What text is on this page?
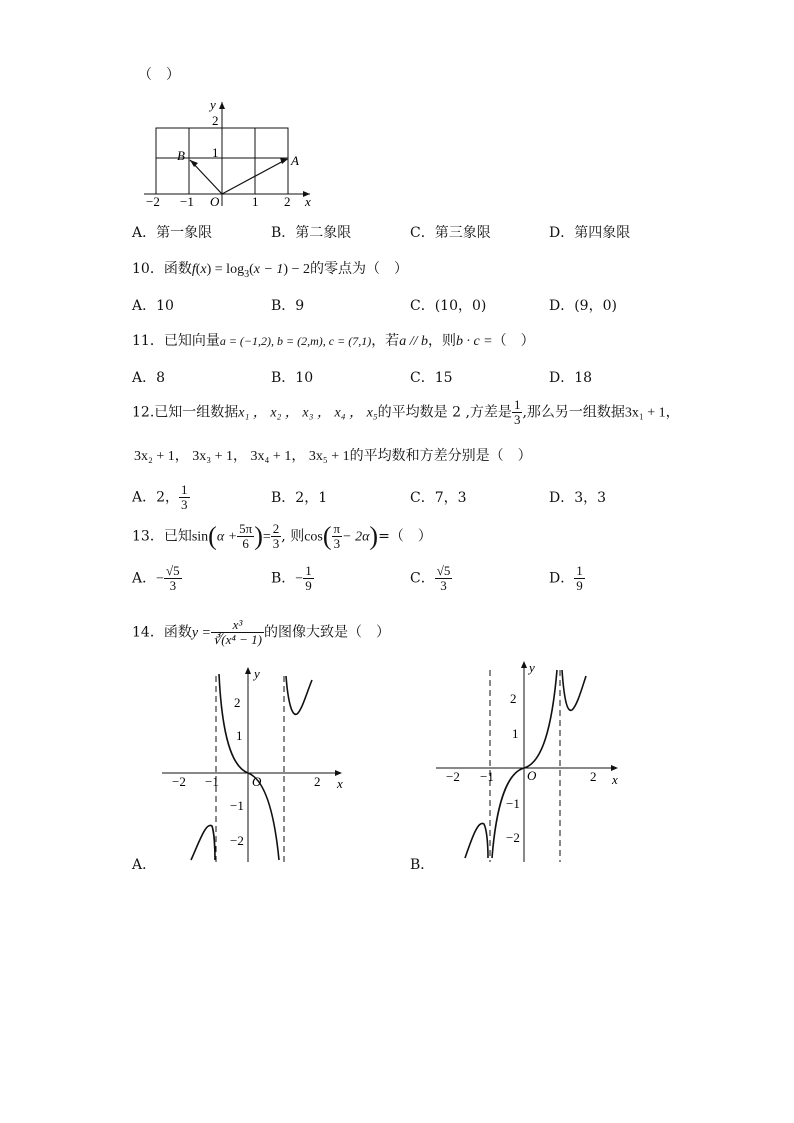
（　）
y
2
1
B	A
O	x
−2 −1	1 2
A．第一象限	B．第二象限	C．第三象限	D．第四象限
10．函数$f(x) = \log_3(x - 1) - 2$的零点为（　）
A．10	B．9	C．(10，0)	D．(9，0)
11．已知向量a = (−1,2), b = (2,m), c = (7,1)，若a // b，则b · c =（　）
A．8	B．10	C．15	D．18
12.已知一组数据x₁ ， x₂ ， x₃ ， x₄ ， x₅的平均数是 2 ,方差是 $\frac{1}{3}$ ,那么另一组数据3x₁ + 1，
3x₂ + 1， 3x₃ + 1， 3x₄ + 1， 3x₅ + 1的平均数和方差分别是（　）
A．2， $\frac{1}{3}$	B．2，1	C．7，3	D．3，3
13．已知$\sin(\alpha + \frac{5\pi}{6}$ )= $\frac{2}{3}$ , 则$\cos( \frac{\pi}{3} - 2\alpha)=$（　）
A．− $\frac{√5}{3}$	B．− $\frac{1}{9}$	C． $\frac{√5}{3}$	D． $\frac{1}{9}$
14．函数$y = \frac{\text{x³}}{\text{∛(x⁴ − 1)}}$ 的图像大致是（　）
y
x
O
2
1
−1
−2
−2 −1	2
A．
y
x
O
2
1
−1
−2
−2 −1	2
B．
